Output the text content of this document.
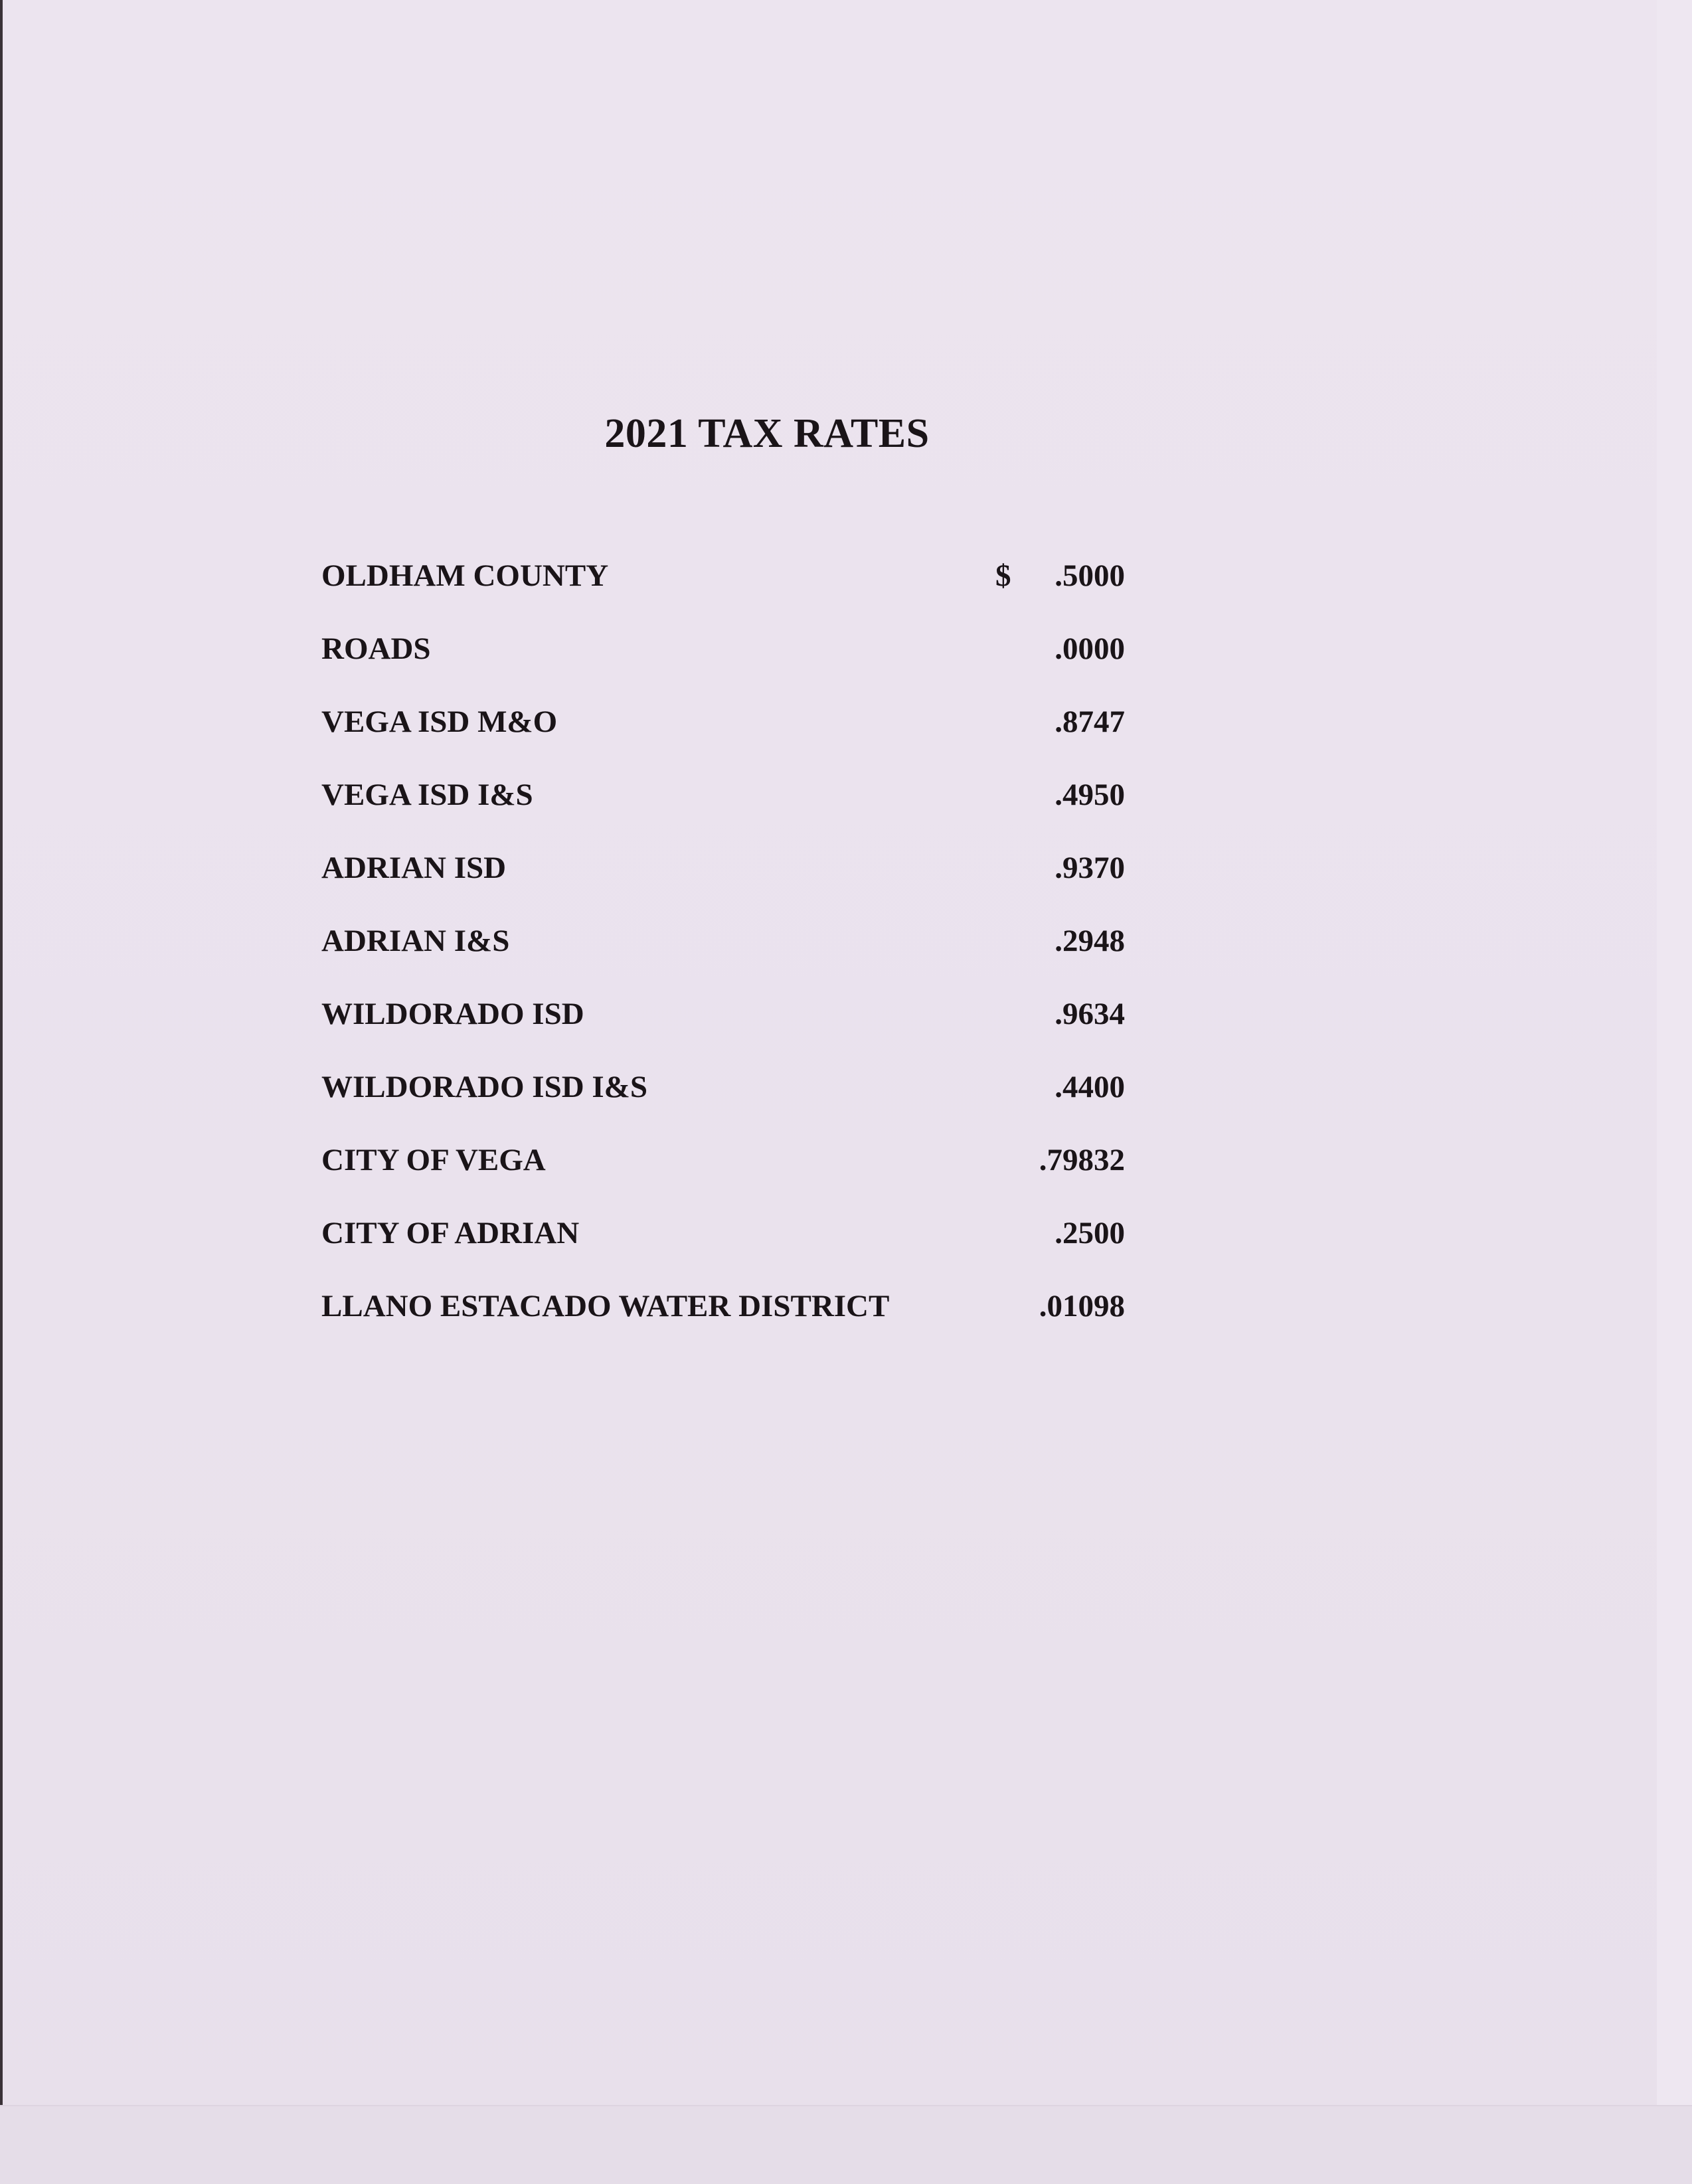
2021 TAX RATES
OLDHAM COUNTY	$ .5000
ROADS	.0000
VEGA ISD M&O	.8747
VEGA ISD I&S	.4950
ADRIAN ISD	.9370
ADRIAN I&S	.2948
WILDORADO ISD	.9634
WILDORADO ISD I&S	.4400
CITY OF VEGA	.79832
CITY OF ADRIAN	.2500
LLANO ESTACADO WATER DISTRICT	.01098
